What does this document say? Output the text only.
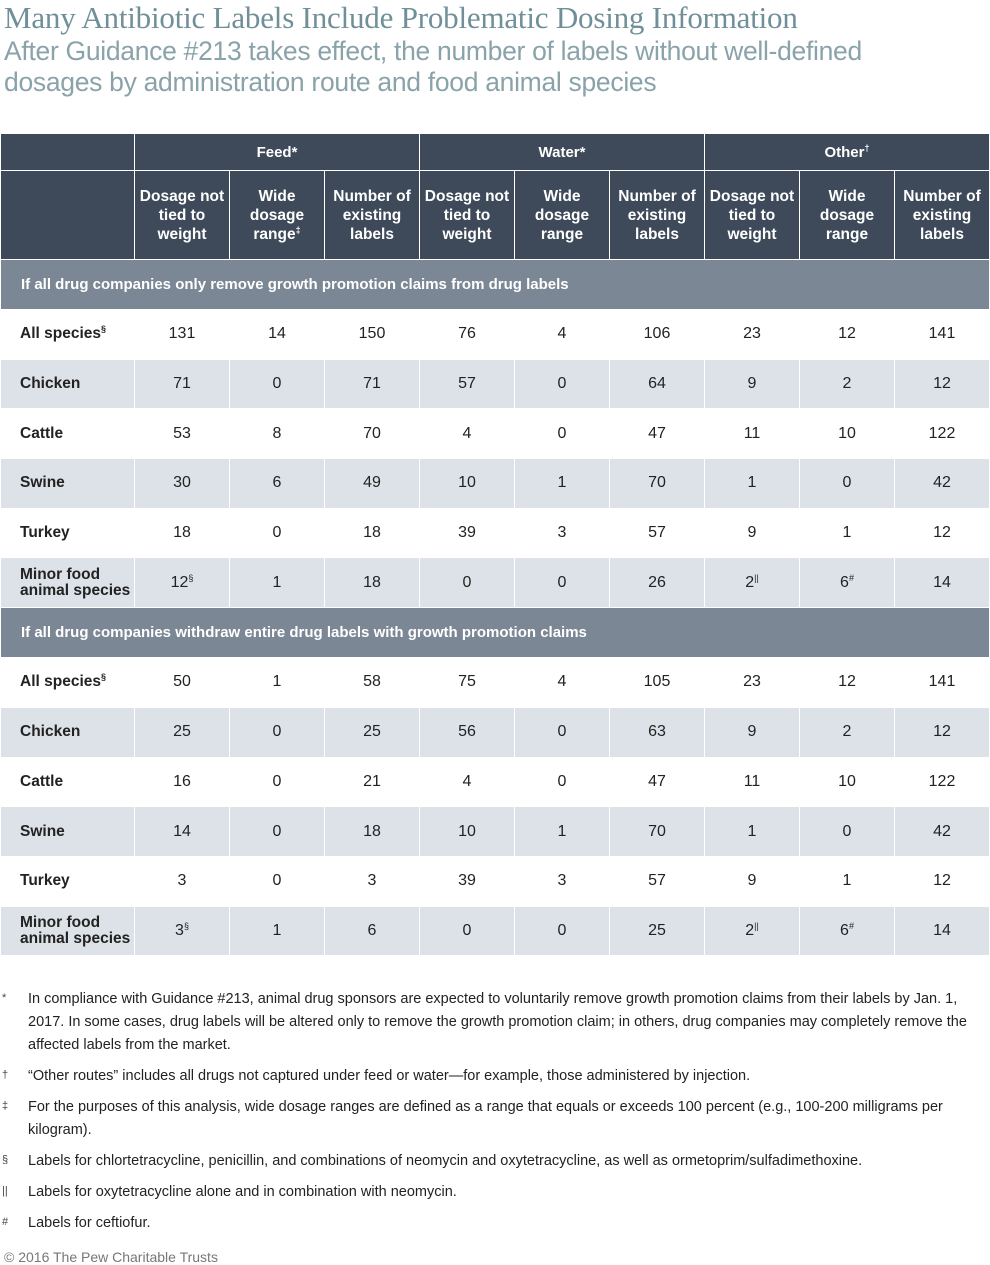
Many Antibiotic Labels Include Problematic Dosing Information
After Guidance #213 takes effect, the number of labels without well-defined dosages by administration route and food animal species
	Feed*			Water*			Other†
	Dosage not tied to weight	Wide dosage range‡	Number of existing labels	Dosage not tied to weight	Wide dosage range	Number of existing labels	Dosage not tied to weight	Wide dosage range	Number of existing labels
If all drug companies only remove growth promotion claims from drug labels									
All species§	131	14	150	76	4	106	23	12	141
Chicken	71	0	71	57	0	64	9	2	12
Cattle	53	8	70	4	0	47	11	10	122
Swine	30	6	49	10	1	70	1	0	42
Turkey	18	0	18	39	3	57	9	1	12
Minor food animal species	12§	1	18	0	0	26	2||	6#	14
If all drug companies withdraw entire drug labels with growth promotion claims									
All species§	50	1	58	75	4	105	23	12	141
Chicken	25	0	25	56	0	63	9	2	12
Cattle	16	0	21	4	0	47	11	10	122
Swine	14	0	18	10	1	70	1	0	42
Turkey	3	0	3	39	3	57	9	1	12
Minor food animal species	3§	1	6	0	0	25	2||	6#	14
* In compliance with Guidance #213, animal drug sponsors are expected to voluntarily remove growth promotion claims from their labels by Jan. 1, 2017. In some cases, drug labels will be altered only to remove the growth promotion claim; in others, drug companies may completely remove the affected labels from the market.
† “Other routes” includes all drugs not captured under feed or water—for example, those administered by injection.
‡ For the purposes of this analysis, wide dosage ranges are defined as a range that equals or exceeds 100 percent (e.g., 100-200 milligrams per kilogram).
§ Labels for chlortetracycline, penicillin, and combinations of neomycin and oxytetracycline, as well as ormetoprim/sulfadimethoxine.
|| Labels for oxytetracycline alone and in combination with neomycin.
# Labels for ceftiofur.
© 2016 The Pew Charitable Trusts
